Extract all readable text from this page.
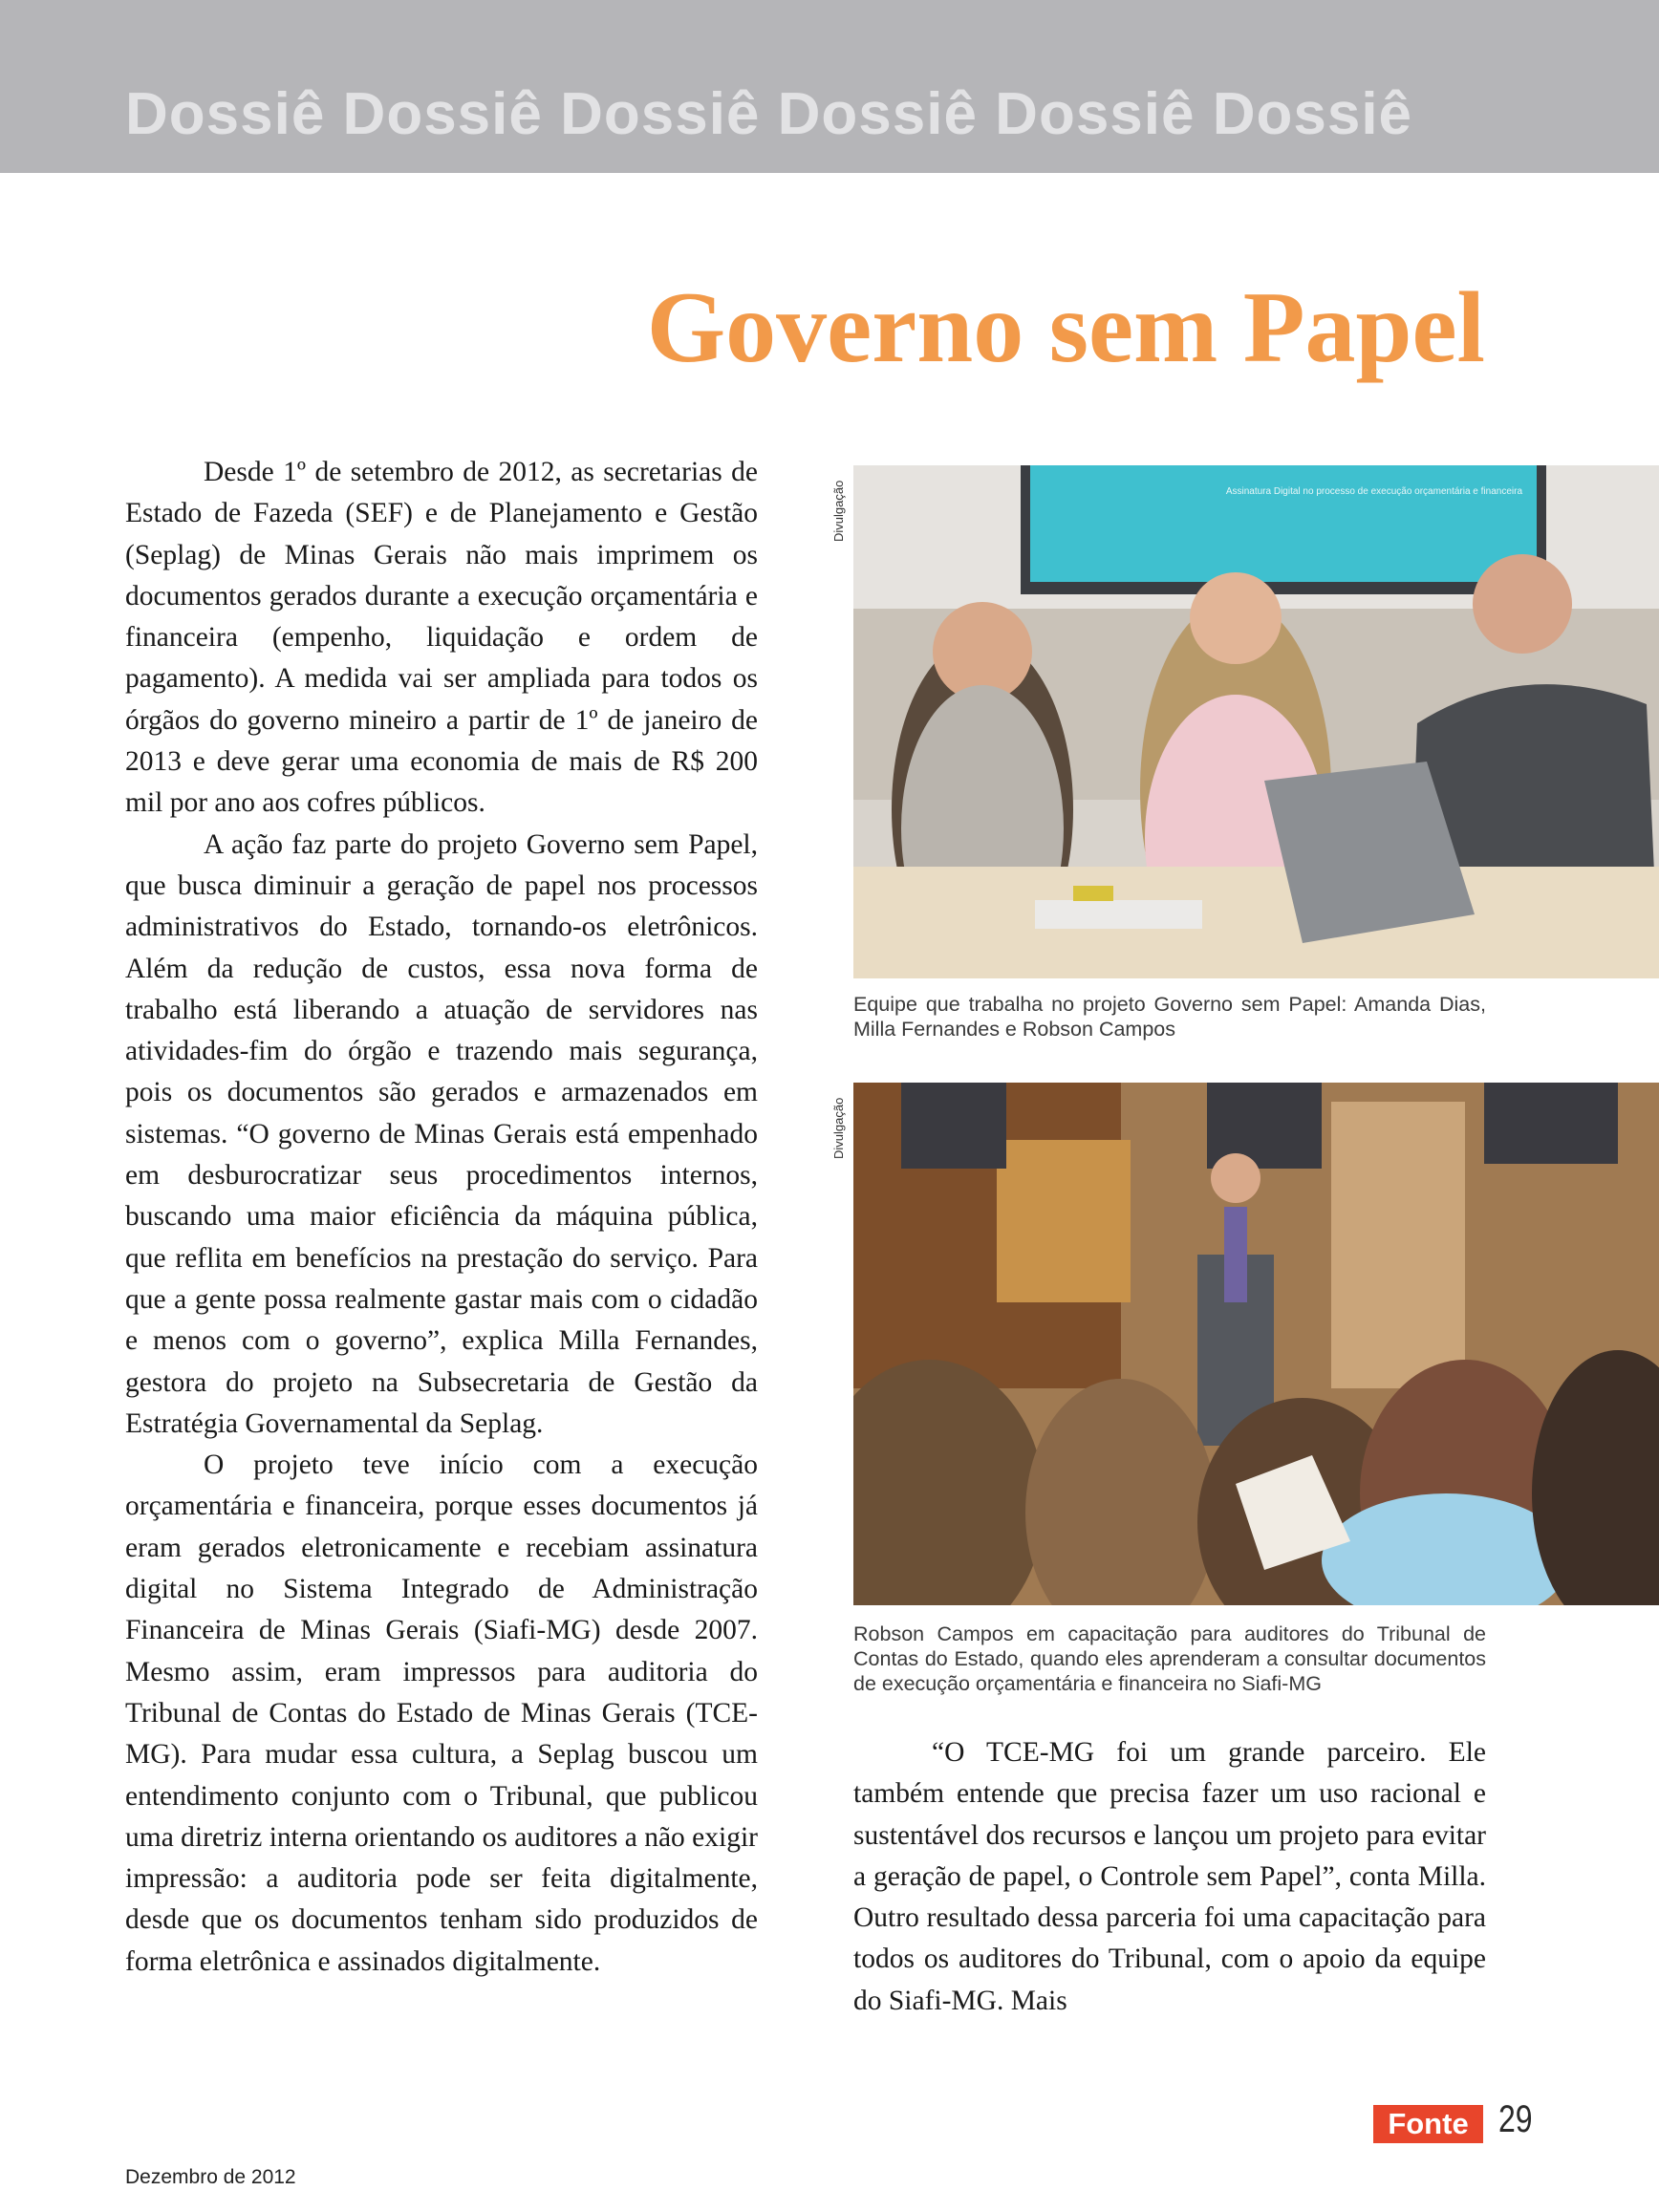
Dossiê Dossiê Dossiê Dossiê Dossiê Dossiê

Governo sem Papel

Desde 1º de setembro de 2012, as secretarias de Estado de Fazeda (SEF) e de Planejamento e Gestão (Seplag) de Minas Gerais não mais imprimem os documentos gerados durante a execução orçamentária e financeira (empenho, liquidação e ordem de pagamento). A medida vai ser ampliada para todos os órgãos do governo mineiro a partir de 1º de janeiro de 2013 e deve gerar uma economia de mais de R$ 200 mil por ano aos cofres públicos.

A ação faz parte do projeto Governo sem Papel, que busca diminuir a geração de papel nos processos administrativos do Estado, tornando-os eletrônicos. Além da redução de custos, essa nova forma de trabalho está liberando a atuação de servidores nas atividades-fim do órgão e trazendo mais segurança, pois os documentos são gerados e armazenados em sistemas. “O governo de Minas Gerais está empenhado em desburocratizar seus procedimentos internos, buscando uma maior eficiência da máquina pública, que reflita em benefícios na prestação do serviço. Para que a gente possa realmente gastar mais com o cidadão e menos com o governo”, explica Milla Fernandes, gestora do projeto na Subsecretaria de Gestão da Estratégia Governamental da Seplag.

O projeto teve início com a execução orçamentária e financeira, porque esses documentos já eram gerados eletronicamente e recebiam assinatura digital no Sistema Integrado de Administração Financeira de Minas Gerais (Siafi-MG) desde 2007. Mesmo assim, eram impressos para auditoria do Tribunal de Contas do Estado de Minas Gerais (TCE-MG). Para mudar essa cultura, a Seplag buscou um entendimento conjunto com o Tribunal, que publicou uma diretriz interna orientando os auditores a não exigir impressão: a auditoria pode ser feita digitalmente, desde que os documentos tenham sido produzidos de forma eletrônica e assinados digitalmente.

Divulgação	Assinatura Digital no processo de execução orçamentária e financeira

Equipe que trabalha no projeto Governo sem Papel: Amanda Dias, Milla Fernandes e Robson Campos

Divulgação

Robson Campos em capacitação para auditores do Tribunal de Contas do Estado, quando eles aprenderam a consultar documentos de execução orçamentária e financeira no Siafi-MG

“O TCE-MG foi um grande parceiro. Ele também entende que precisa fazer um uso racional e sustentável dos recursos e lançou um projeto para evitar a geração de papel, o Controle sem Papel”, conta Milla. Outro resultado dessa parceria foi uma capacitação para todos os auditores do Tribunal, com o apoio da equipe do Siafi-MG. Mais

Dezembro de 2012

Fonte 29
